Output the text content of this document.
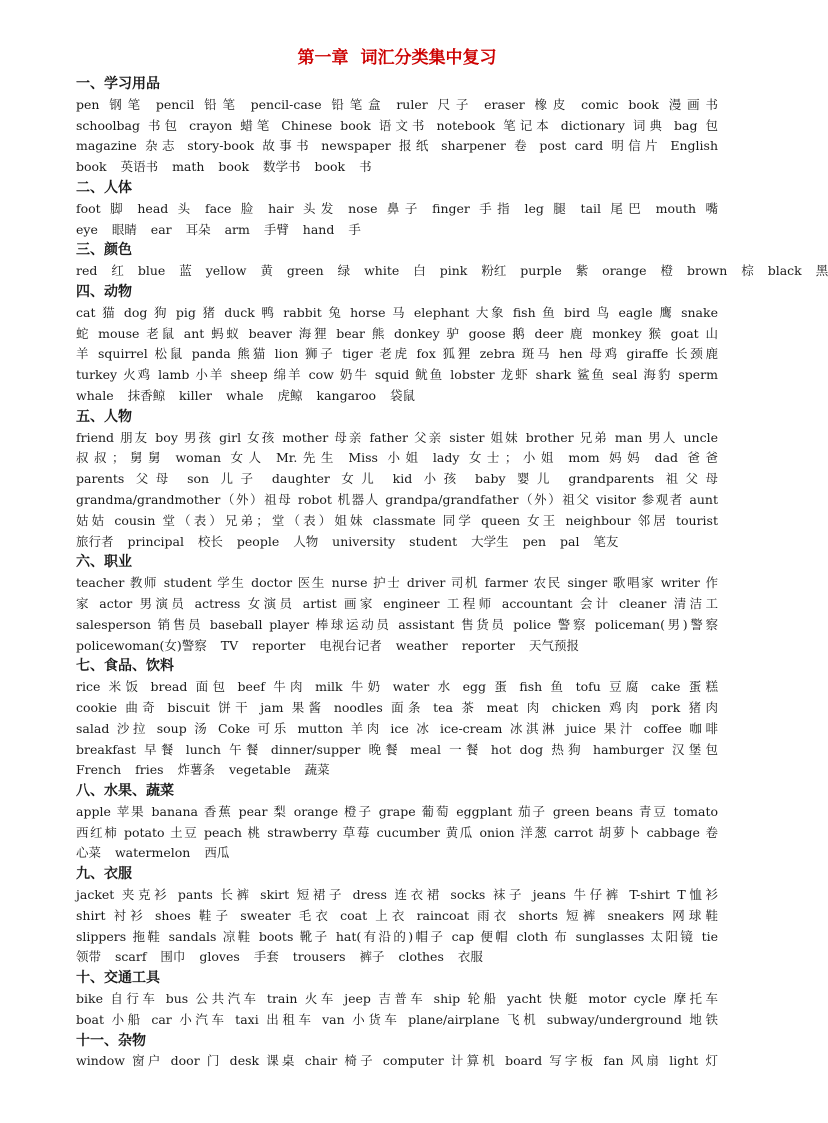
第一章 词汇分类集中复习
一、学习用品
pen 钢笔 pencil 铅笔 pencil-case 铅笔盒 ruler 尺子 eraser 橡皮 comic book 漫画书
schoolbag 书包 crayon 蜡笔 Chinese book 语文书 notebook 笔记本 dictionary 词典 bag 包
magazine 杂志 story-book 故事书 newspaper 报纸 sharpener 卷 post card 明信片 English
book 英语书 math book 数学书 book 书
二、人体
foot 脚 head 头 face 脸 hair 头发 nose 鼻子 finger 手指 leg 腿 tail 尾巴 mouth 嘴
eye 眼睛 ear 耳朵 arm 手臂 hand 手
三、颜色
red 红 blue 蓝 yellow 黄 green 绿 white 白 pink 粉红 purple 紫 orange 橙 brown 棕 black 黑
四、动物
cat 猫 dog 狗 pig 猪 duck 鸭 rabbit 兔 horse 马 elephant 大象 fish 鱼 bird 鸟 eagle 鹰 snake
蛇 mouse 老鼠 ant 蚂蚁 beaver 海狸 bear 熊 donkey 驴 goose 鹅 deer 鹿 monkey 猴 goat 山
羊 squirrel 松鼠 panda 熊猫 lion 狮子 tiger 老虎 fox 狐狸 zebra 斑马 hen 母鸡 giraffe 长颈鹿
turkey 火鸡 lamb 小羊 sheep 绵羊 cow 奶牛 squid 鱿鱼 lobster 龙虾 shark 鲨鱼 seal 海豹 sperm
whale 抹香鲸 killer whale 虎鲸 kangaroo 袋鼠
五、人物
friend 朋友 boy 男孩 girl 女孩 mother 母亲 father 父亲 sister 姐妹 brother 兄弟 man 男人 uncle
叔叔；舅舅 woman 女人 Mr.先生 Miss 小姐 lady 女士；小姐 mom 妈妈 dad 爸爸
parents 父母 son 儿子 daughter 女儿 kid 小孩 baby 婴儿 grandparents 祖父母
grandma/grandmother（外）祖母 robot 机器人 grandpa/grandfather（外）祖父 visitor 参观者 aunt
姑姑 cousin 堂（表）兄弟；堂（表）姐妹 classmate 同学 queen 女王 neighbour 邻居 tourist
旅行者 principal 校长 people 人物 university student 大学生 pen pal 笔友
六、职业
teacher 教师 student 学生 doctor 医生 nurse 护士 driver 司机 farmer 农民 singer 歌唱家 writer 作
家 actor 男演员 actress 女演员 artist 画家 engineer 工程师 accountant 会计 cleaner 清洁工
salesperson 销售员 baseball player 棒球运动员 assistant 售货员 police 警察 policeman(男)警察
policewoman(女)警察 TV reporter 电视台记者 weather reporter 天气预报
七、食品、饮料
rice 米饭 bread 面包 beef 牛肉 milk 牛奶 water 水 egg 蛋 fish 鱼 tofu 豆腐 cake 蛋糕
cookie 曲奇 biscuit 饼干 jam 果酱 noodles 面条 tea 茶 meat 肉 chicken 鸡肉 pork 猪肉
salad 沙拉 soup 汤 Coke 可乐 mutton 羊肉 ice 冰 ice-cream 冰淇淋 juice 果汁 coffee 咖啡
breakfast 早餐 lunch 午餐 dinner/supper 晚餐 meal 一餐 hot dog 热狗 hamburger 汉堡包
French fries 炸薯条 vegetable 蔬菜
八、水果、蔬菜
apple 苹果 banana 香蕉 pear 梨 orange 橙子 grape 葡萄 eggplant 茄子 green beans 青豆 tomato
西红柿 potato 土豆 peach 桃 strawberry 草莓 cucumber 黄瓜 onion 洋葱 carrot 胡萝卜 cabbage 卷
心菜 watermelon 西瓜
九、衣服
jacket 夹克衫 pants 长裤 skirt 短裙子 dress 连衣裙 socks 袜子 jeans 牛仔裤 T-shirt T恤衫
shirt 衬衫 shoes 鞋子 sweater 毛衣 coat 上衣 raincoat 雨衣 shorts 短裤 sneakers 网球鞋
slippers 拖鞋 sandals 凉鞋 boots 靴子 hat(有沿的)帽子 cap 便帽 cloth 布 sunglasses 太阳镜 tie
领带 scarf 围巾 gloves 手套 trousers 裤子 clothes 衣服
十、交通工具
bike 自行车 bus 公共汽车 train 火车 jeep 吉普车 ship 轮船 yacht 快艇 motor cycle 摩托车
boat 小船 car 小汽车 taxi 出租车 van 小货车 plane/airplane 飞机 subway/underground 地铁
十一、杂物
window 窗户 door 门 desk 课桌 chair 椅子 computer 计算机 board 写字板 fan 风扇 light 灯
